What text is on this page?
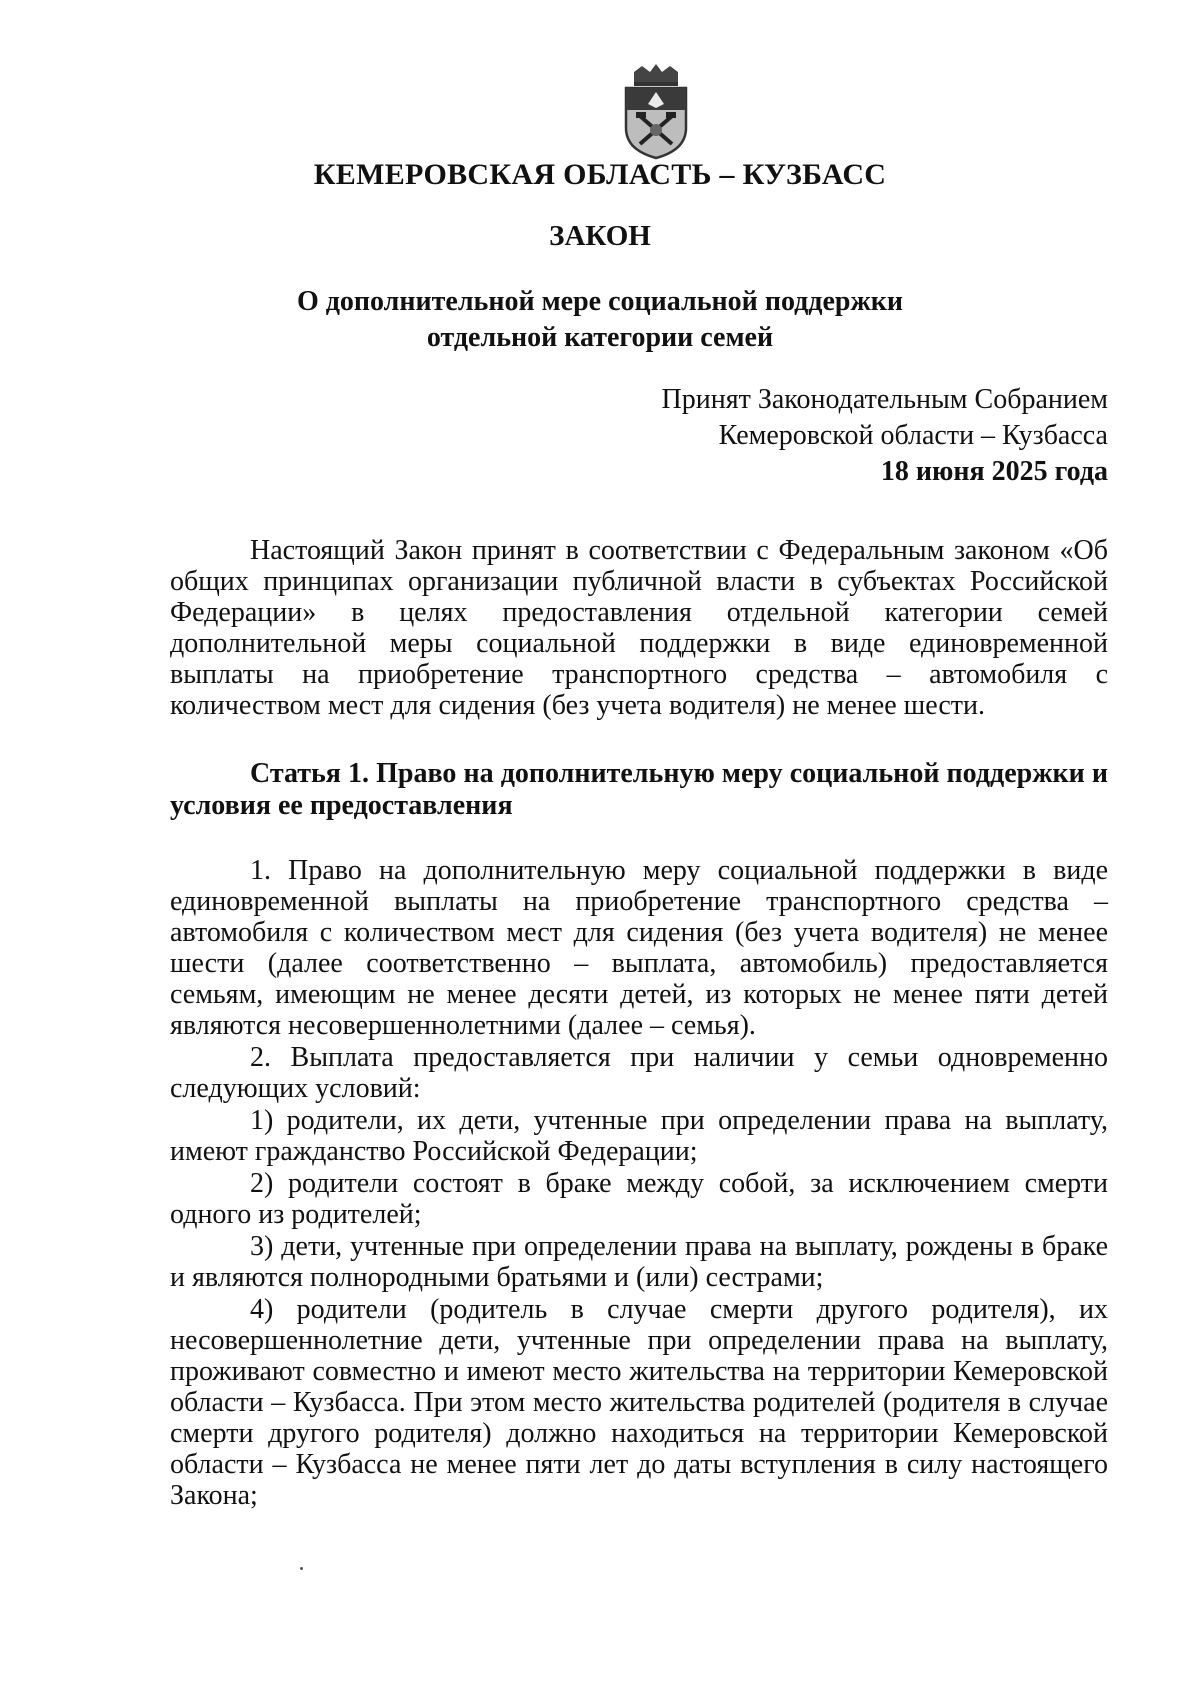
КЕМЕРОВСКАЯ ОБЛАСТЬ – КУЗБАСС
ЗАКОН
О дополнительной мере социальной поддержки
отдельной категории семей
Принят Законодательным Собранием
Кемеровской области – Кузбасса
18 июня 2025 года

Настоящий Закон принят в соответствии с Федеральным законом «Об общих принципах организации публичной власти в субъектах Российской Федерации» в целях предоставления отдельной категории семей дополнительной меры социальной поддержки в виде единовременной выплаты на приобретение транспортного средства – автомобиля с количеством мест для сидения (без учета водителя) не менее шести.

Статья 1. Право на дополнительную меру социальной поддержки и условия ее предоставления

1. Право на дополнительную меру социальной поддержки в виде единовременной выплаты на приобретение транспортного средства – автомобиля с количеством мест для сидения (без учета водителя) не менее шести (далее соответственно – выплата, автомобиль) предоставляется семьям, имеющим не менее десяти детей, из которых не менее пяти детей являются несовершеннолетними (далее – семья).

2. Выплата предоставляется при наличии у семьи одновременно следующих условий:

1) родители, их дети, учтенные при определении права на выплату, имеют гражданство Российской Федерации;

2) родители состоят в браке между собой, за исключением смерти одного из родителей;

3) дети, учтенные при определении права на выплату, рождены в браке и являются полнородными братьями и (или) сестрами;

4) родители (родитель в случае смерти другого родителя), их несовершеннолетние дети, учтенные при определении права на выплату, проживают совместно и имеют место жительства на территории Кемеровской области – Кузбасса. При этом место жительства родителей (родителя в случае смерти другого родителя) должно находиться на территории Кемеровской области – Кузбасса не менее пяти лет до даты вступления в силу настоящего Закона;
